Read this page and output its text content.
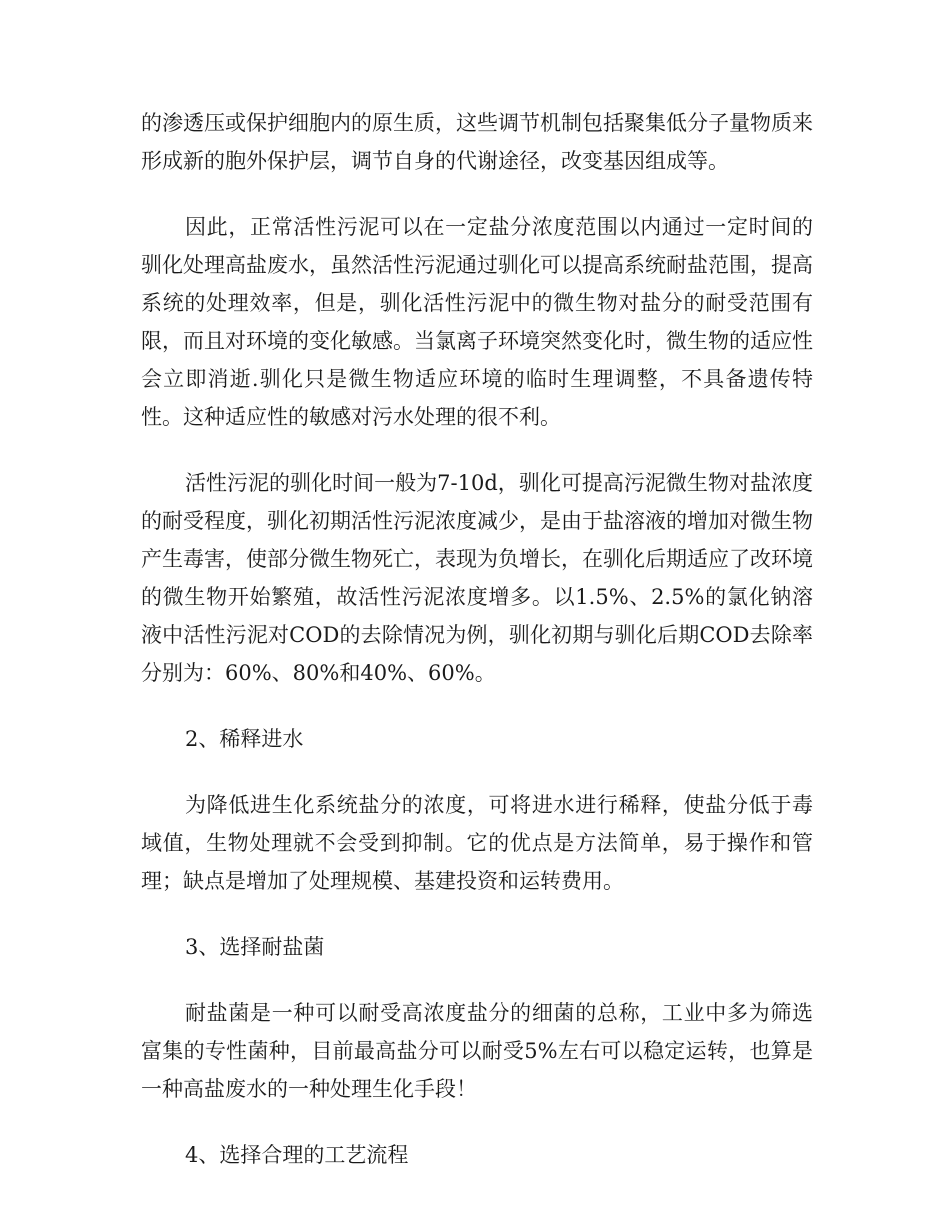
的渗透压或保护细胞内的原生质，这些调节机制包括聚集低分子量物质来形成新的胞外保护层，调节自身的代谢途径，改变基因组成等。

因此，正常活性污泥可以在一定盐分浓度范围以内通过一定时间的驯化处理高盐废水，虽然活性污泥通过驯化可以提高系统耐盐范围，提高系统的处理效率，但是，驯化活性污泥中的微生物对盐分的耐受范围有限，而且对环境的变化敏感。当氯离子环境突然变化时，微生物的适应性会立即消逝.驯化只是微生物适应环境的临时生理调整，不具备遗传特性。这种适应性的敏感对污水处理的很不利。

活性污泥的驯化时间一般为7-10d，驯化可提高污泥微生物对盐浓度的耐受程度，驯化初期活性污泥浓度减少，是由于盐溶液的增加对微生物产生毒害，使部分微生物死亡，表现为负增长，在驯化后期适应了改环境的微生物开始繁殖，故活性污泥浓度增多。以1.5%、2.5%的氯化钠溶液中活性污泥对COD的去除情况为例，驯化初期与驯化后期COD去除率分别为：60%、80%和40%、60%。

2、稀释进水

为降低进生化系统盐分的浓度，可将进水进行稀释，使盐分低于毒域值，生物处理就不会受到抑制。它的优点是方法简单，易于操作和管理；缺点是增加了处理规模、基建投资和运转费用。

3、选择耐盐菌

耐盐菌是一种可以耐受高浓度盐分的细菌的总称，工业中多为筛选富集的专性菌种，目前最高盐分可以耐受5%左右可以稳定运转，也算是一种高盐废水的一种处理生化手段！

4、选择合理的工艺流程
